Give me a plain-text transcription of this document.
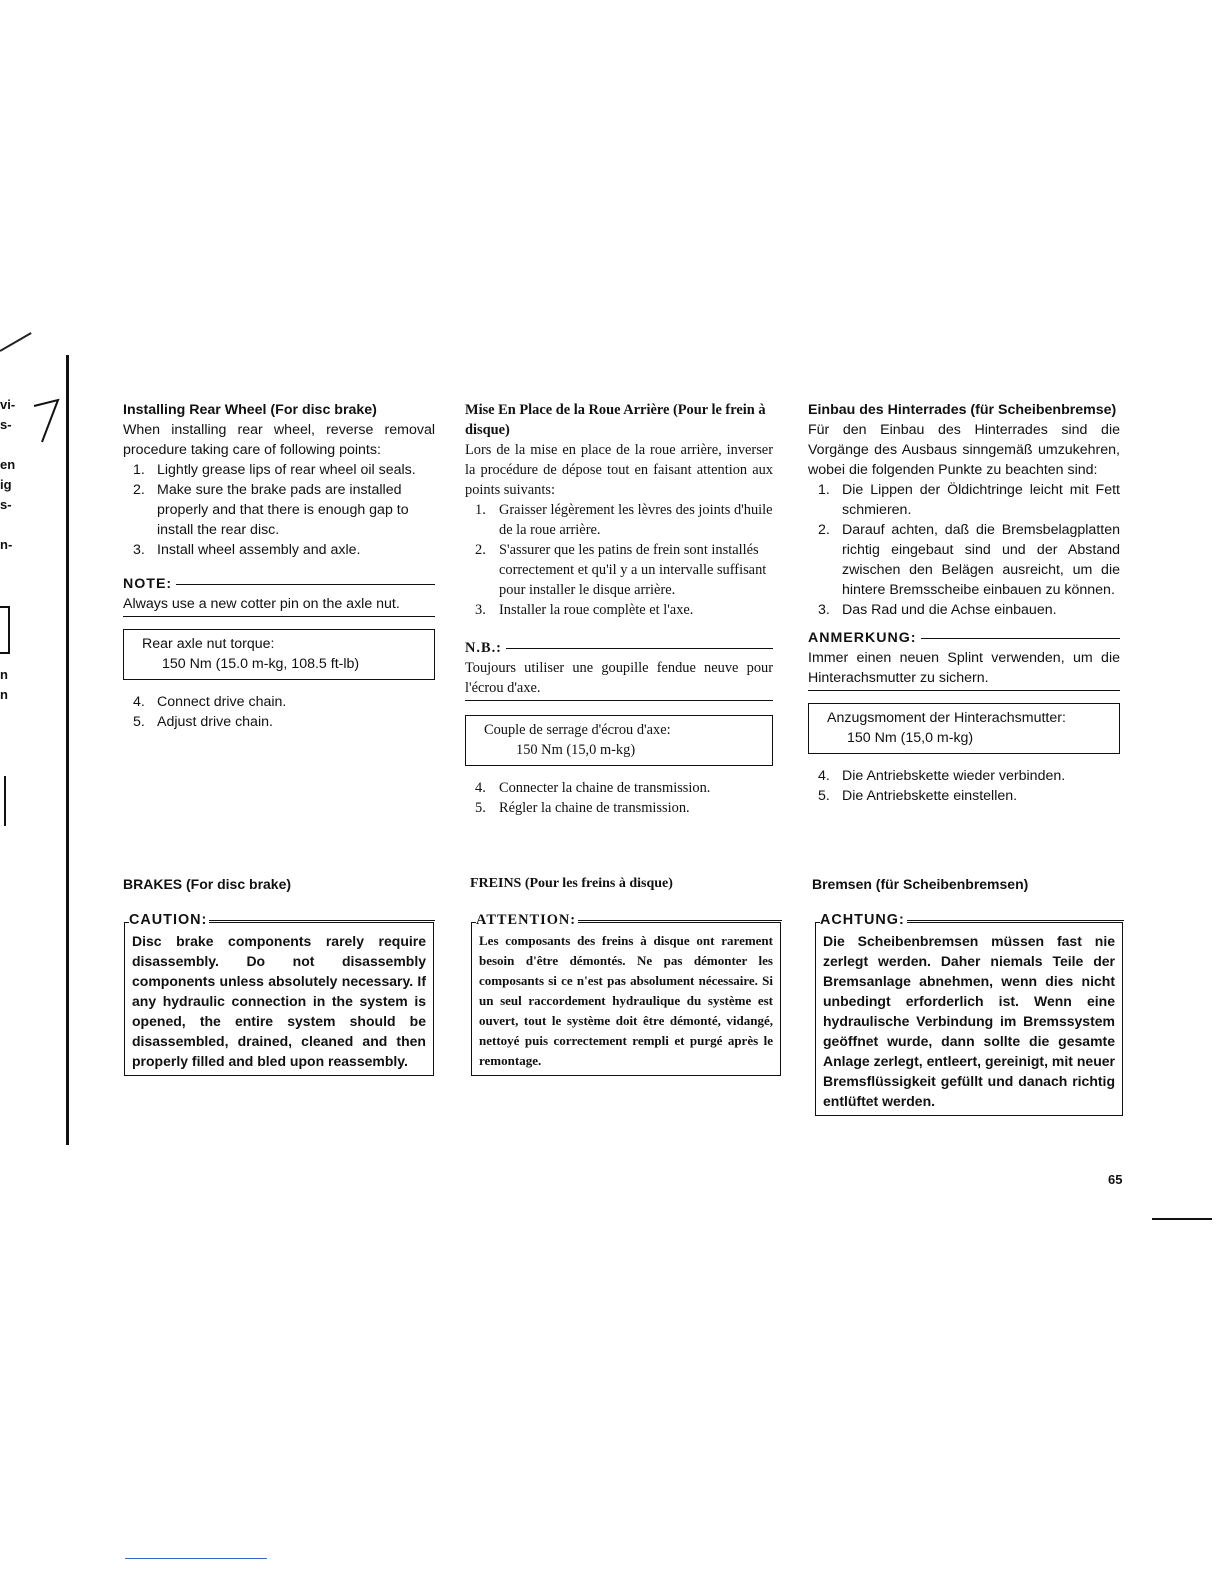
vi-
s-
en
ig
s-
n-
n
n

Installing Rear Wheel (For disc brake)

When installing rear wheel, reverse removal procedure taking care of following points:

1. Lightly grease lips of rear wheel oil seals.
2. Make sure the brake pads are installed properly and that there is enough gap to install the rear disc.
3. Install wheel assembly and axle.
NOTE:

Always use a new cotter pin on the axle nut.

Rear axle nut torque:
150 Nm (15.0 m-kg, 108.5 ft-lb)
4. Connect drive chain.
5. Adjust drive chain.

Mise En Place de la Roue Arrière (Pour le frein à disque)

Lors de la mise en place de la roue arrière, inverser la procédure de dépose tout en faisant attention aux points suivants:

1. Graisser légèrement les lèvres des joints d'huile de la roue arrière.
2. S'assurer que les patins de frein sont installés correctement et qu'il y a un intervalle suffisant pour installer le disque arrière.
3. Installer la roue complète et l'axe.
N.B.:

Toujours utiliser une goupille fendue neuve pour l'écrou d'axe.

Couple de serrage d'écrou d'axe:
150 Nm (15,0 m-kg)
4. Connecter la chaine de transmission.
5. Régler la chaine de transmission.

Einbau des Hinterrades (für Scheibenbremse)

Für den Einbau des Hinterrades sind die Vorgänge des Ausbaus sinngemäß umzukehren, wobei die folgenden Punkte zu beachten sind:

1. Die Lippen der Öldichtringe leicht mit Fett schmieren.
2. Darauf achten, daß die Bremsbelagplatten richtig eingebaut sind und der Abstand zwischen den Belägen ausreicht, um die hintere Bremsscheibe einbauen zu können.
3. Das Rad und die Achse einbauen.
ANMERKUNG:

Immer einen neuen Splint verwenden, um die Hinterachsmutter zu sichern.

Anzugsmoment der Hinterachsmutter:
150 Nm (15,0 m-kg)
4. Die Antriebskette wieder verbinden.
5. Die Antriebskette einstellen.
BRAKES (For disc brake)	FREINS (Pour les freins à disque)	Bremsen (für Scheibenbremsen)
CAUTION:
Disc brake components rarely require disassembly. Do not disassembly components unless absolutely necessary. If any hydraulic connection in the system is opened, the entire system should be disassembled, drained, cleaned and then properly filled and bled upon reassembly.
ATTENTION:
Les composants des freins à disque ont rarement besoin d'être démontés. Ne pas démonter les composants si ce n'est pas absolument nécessaire. Si un seul raccordement hydraulique du système est ouvert, tout le système doit être démonté, vidangé, nettoyé puis correctement rempli et purgé après le remontage.
ACHTUNG:
Die Scheibenbremsen müssen fast nie zerlegt werden. Daher niemals Teile der Bremsanlage abnehmen, wenn dies nicht unbedingt erforderlich ist. Wenn eine hydraulische Verbindung im Bremssystem geöffnet wurde, dann sollte die gesamte Anlage zerlegt, entleert, gereinigt, mit neuer Bremsflüssigkeit gefüllt und danach richtig entlüftet werden.
65
